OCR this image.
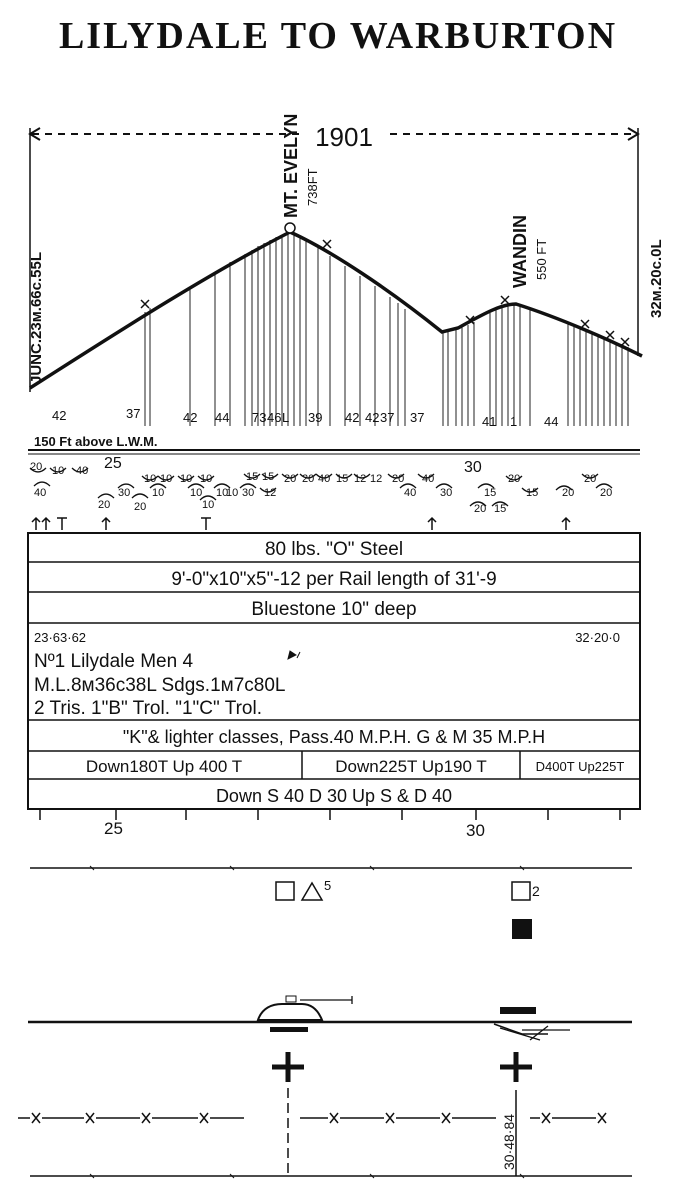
LILYDALE TO WARBURTON
1901
JUNC.23м.66c.55L	32м.20c.0L
MT. EVELYN 738FT
WANDIN 550 FT
42	37	42 44 73 46 L 39 42 42 37 37	41 1 44
150 Ft above L.W.M.
25	30
20 10 40
40
20
30
20
10 10 10 10
10 10 10
10
15 15
12
20
30
10
20 40 15 12 12 20 40
40 30
20 15
15
20
15 20
20
20
80 lbs. "O" Steel
9'-0"x10"x5"-12 per Rail length of 31'-9
Bluestone 10" deep
23·63·62	32·20·0
Nº1 Lilydale Men 4
M.L.8м36c38L Sdgs.1м7c80L
2 Tris. 1"B" Trol. "1"C" Trol.
"K"& lighter classes, Pass.40 M.P.H. G & M 35 M.P.H
Down180T Up 400 T	Down225T Up190 T	D400T Up225T
Down S 40 D 30 Up S & D 40
25	30
5	2
30·48·84
